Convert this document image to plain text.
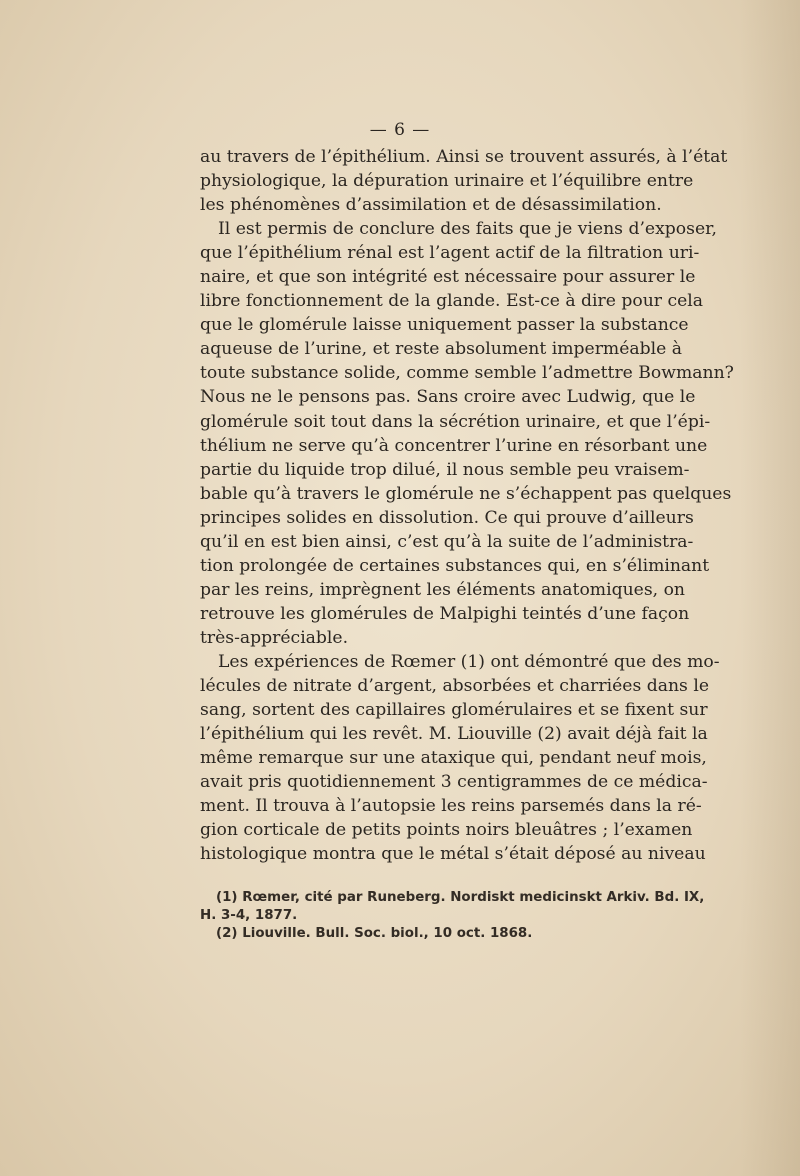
— 6 —
au travers de l’épithélium. Ainsi se trouvent assurés, à l’état
physiologique, la dépuration urinaire et l’équilibre entre
les phénomènes d’assimilation et de désassimilation.
Il est permis de conclure des faits que je viens d’exposer,
que l’épithélium rénal est l’agent actif de la filtration uri-
naire, et que son intégrité est nécessaire pour assurer le
libre fonctionnement de la glande. Est-ce à dire pour cela
que le glomérule laisse uniquement passer la substance
aqueuse de l’urine, et reste absolument imperméable à
toute substance solide, comme semble l’admettre Bowmann?
Nous ne le pensons pas. Sans croire avec Ludwig, que le
glomérule soit tout dans la sécrétion urinaire, et que l’épi-
thélium ne serve qu’à concentrer l’urine en résorbant une
partie du liquide trop dilué, il nous semble peu vraisem-
bable qu’à travers le glomérule ne s’échappent pas quelques
principes solides en dissolution. Ce qui prouve d’ailleurs
qu’il en est bien ainsi, c’est qu’à la suite de l’administra-
tion prolongée de certaines substances qui, en s’éliminant
par les reins, imprègnent les éléments anatomiques, on
retrouve les glomérules de Malpighi teintés d’une façon
très-appréciable.
Les expériences de Rœmer (1) ont démontré que des mo-
lécules de nitrate d’argent, absorbées et charriées dans le
sang, sortent des capillaires glomérulaires et se fixent sur
l’épithélium qui les revêt. M. Liouville (2) avait déjà fait la
même remarque sur une ataxique qui, pendant neuf mois,
avait pris quotidiennement 3 centigrammes de ce médica-
ment. Il trouva à l’autopsie les reins parsemés dans la ré-
gion corticale de petits points noirs bleuâtres ; l’examen
histologique montra que le métal s’était déposé au niveau
(1) Rœmer, cité par Runeberg. Nordiskt medicinskt Arkiv. Bd. IX,
H. 3-4, 1877.
(2) Liouville. Bull. Soc. biol., 10 oct. 1868.
